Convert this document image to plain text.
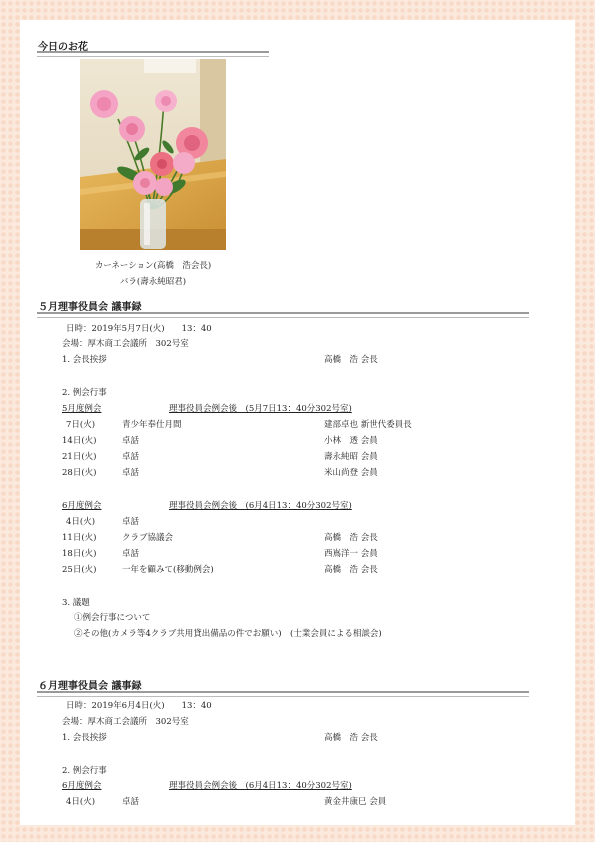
今日のお花
カーネーション(高橋　浩会長)
バラ(壽永純昭君)
５月理事役員会 議事録
日時：2019年5月7日(火)　　13：40
会場：厚木商工会議所　302号室
1. 会長挨拶	高橋　浩 会長
2. 例会行事
5月度例会	理事役員会例会後　(5月7日13：40分302号室)
7日(火)	青少年奉仕月間	建部卓也 新世代委員長
14日(火)	卓話	小林　透 会員
21日(火)	卓話	壽永純昭 会員
28日(火)	卓話	米山尚登 会員
6月度例会	理事役員会例会後　(6月4日13：40分302号室)
4日(火)	卓話
11日(火)	クラブ協議会	高橋　浩 会長
18日(火)	卓話	西嶌洋一 会員
25日(火)	一年を顧みて(移動例会)	高橋　浩 会長
3. 議題
①例会行事について
②その他(カメラ等4クラブ共用貸出備品の件でお願い)　(士業会員による相談会)
６月理事役員会 議事録
日時：2019年6月4日(火)　　13：40
会場：厚木商工会議所　302号室
1. 会長挨拶	高橋　浩 会長
2. 例会行事
6月度例会	理事役員会例会後　(6月4日13：40分302号室)
4日(火)	卓話	黄金井康巳 会員
